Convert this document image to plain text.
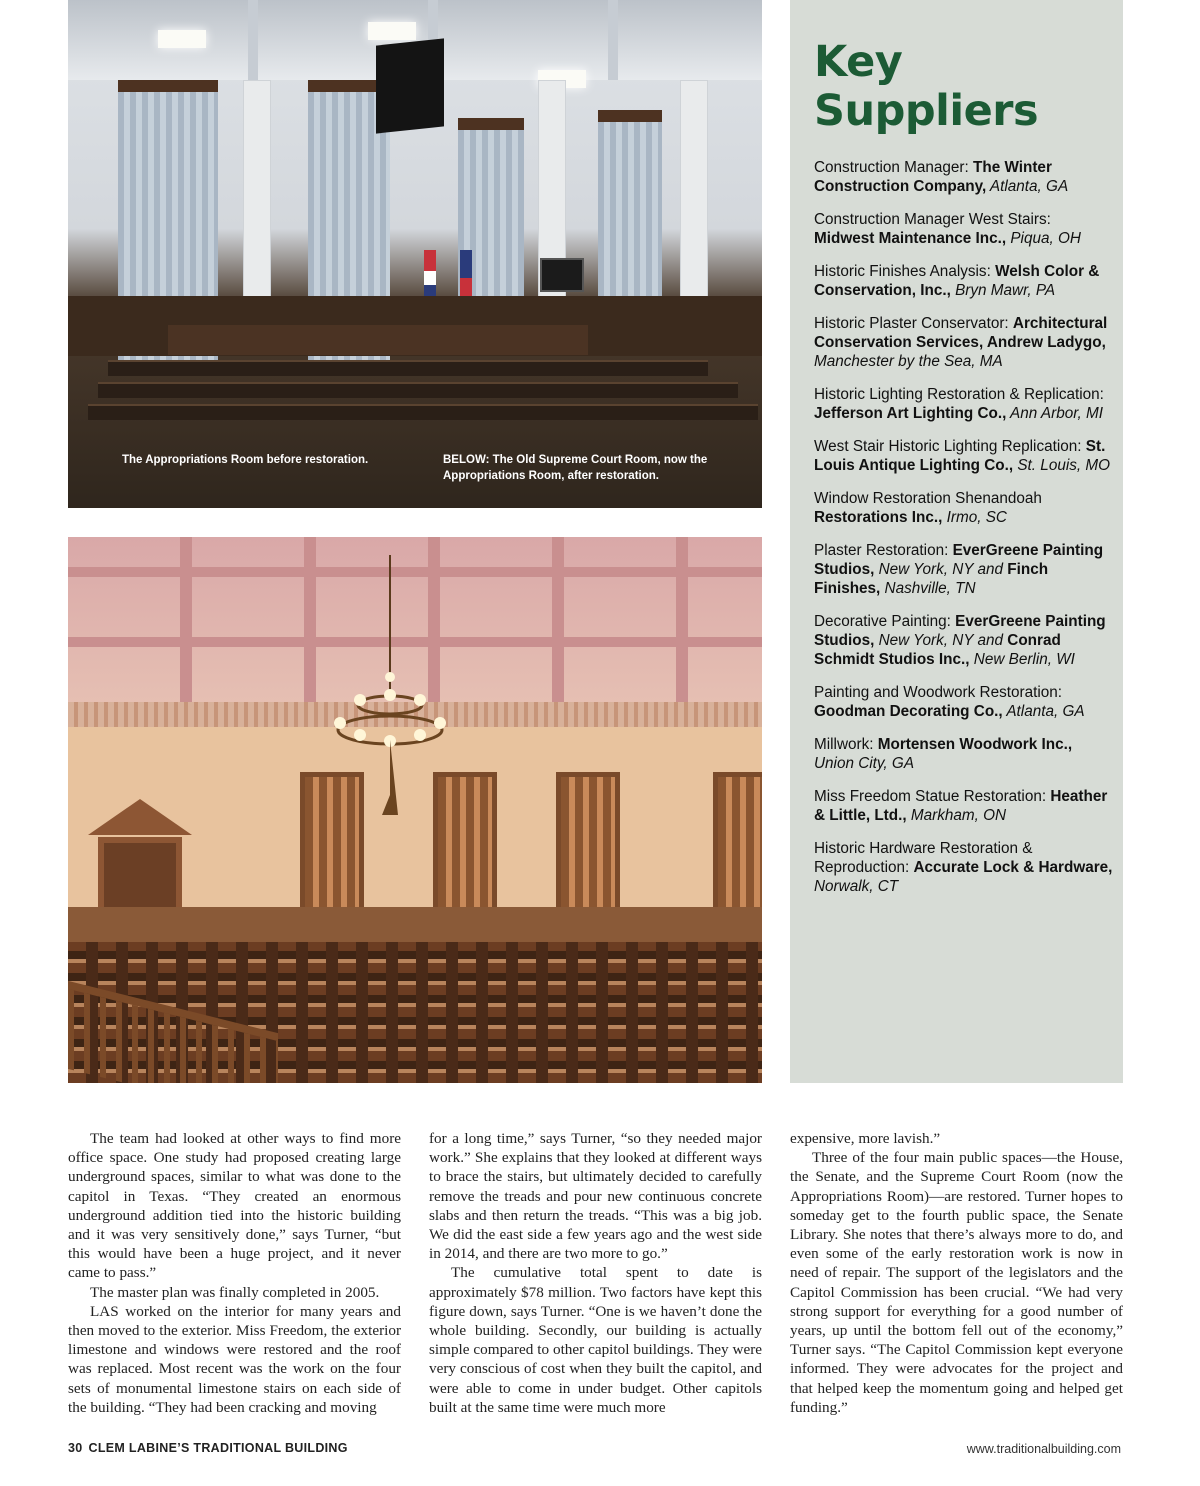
The Appropriations Room before restoration.	BELOW: The Old Supreme Court Room, now the Appropriations Room, after restoration.
Key
Suppliers
Construction Manager: The Winter Construction Company, Atlanta, GA
Construction Manager West Stairs: Midwest Maintenance Inc., Piqua, OH
Historic Finishes Analysis: Welsh Color & Conservation, Inc., Bryn Mawr, PA
Historic Plaster Conservator: Architectural Conservation Services, Andrew Ladygo, Manchester by the Sea, MA
Historic Lighting Restoration & Replication: Jefferson Art Lighting Co., Ann Arbor, MI
West Stair Historic Lighting Replication: St. Louis Antique Lighting Co., St. Louis, MO
Window Restoration Shenandoah Restorations Inc., Irmo, SC
Plaster Restoration: EverGreene Painting Studios, New York, NY and Finch Finishes, Nashville, TN
Decorative Painting: EverGreene Painting Studios, New York, NY and Conrad Schmidt Studios Inc., New Berlin, WI
Painting and Woodwork Restoration: Goodman Decorating Co., Atlanta, GA
Millwork: Mortensen Woodwork Inc., Union City, GA
Miss Freedom Statue Restoration: Heather & Little, Ltd., Markham, ON
Historic Hardware Restoration & Reproduction: Accurate Lock & Hardware, Norwalk, CT

The team had looked at other ways to find more office space. One study had proposed creating large underground spaces, similar to what was done to the capitol in Texas. “They created an enormous underground addition tied into the historic building and it was very sensitively done,” says Turner, “but this would have been a huge project, and it never came to pass.”

The master plan was finally completed in 2005.

LAS worked on the interior for many years and then moved to the exterior. Miss Freedom, the exterior limestone and windows were restored and the roof was replaced. Most recent was the work on the four sets of monumental limestone stairs on each side of the building. “They had been cracking and moving

for a long time,” says Turner, “so they needed major work.” She explains that they looked at different ways to brace the stairs, but ultimately decided to carefully remove the treads and pour new continuous concrete slabs and then return the treads. “This was a big job. We did the east side a few years ago and the west side in 2014, and there are two more to go.”

The cumulative total spent to date is approximately $78 million. Two factors have kept this figure down, says Turner. “One is we haven’t done the whole building. Secondly, our building is actually simple compared to other capitol buildings. They were very conscious of cost when they built the capitol, and were able to come in under budget. Other capitols built at the same time were much more

expensive, more lavish.”

Three of the four main public spaces—the House, the Senate, and the Supreme Court Room (now the Appropriations Room)—are restored. Turner hopes to someday get to the fourth public space, the Senate Library. She notes that there’s always more to do, and even some of the early restoration work is now in need of repair. The support of the legislators and the Capitol Commission has been crucial. “We had very strong support for everything for a good number of years, up until the bottom fell out of the economy,” Turner says. “The Capitol Commission kept everyone informed. They were advocates for the project and that helped keep the momentum going and helped get funding.”

30 CLEM LABINE’S TRADITIONAL BUILDING	www.traditionalbuilding.com
